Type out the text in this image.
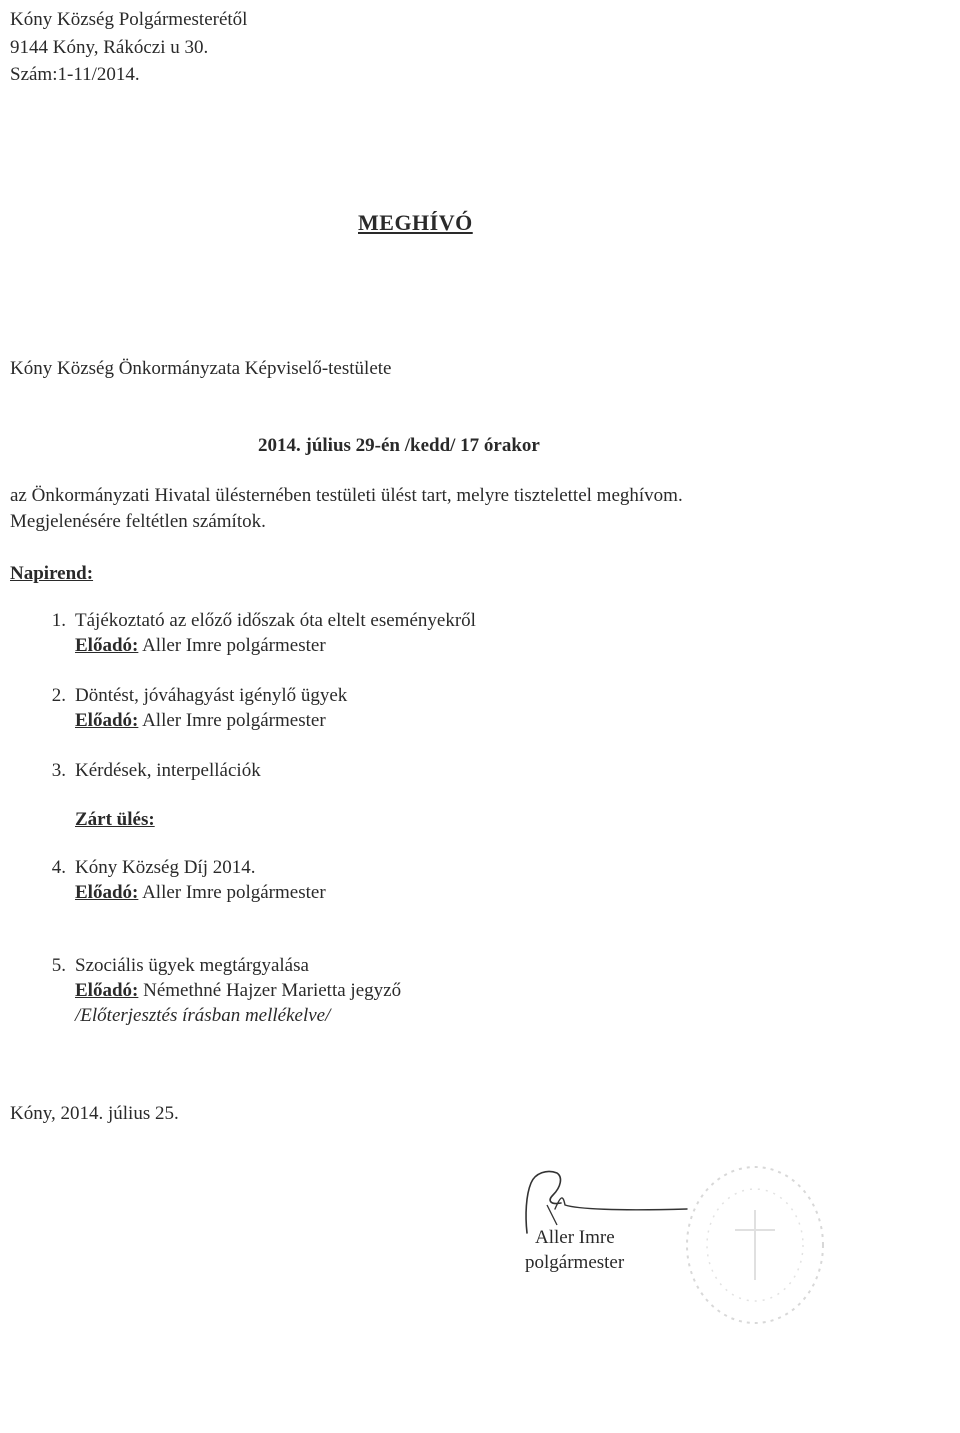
Kóny Község Polgármesterétől
9144 Kóny, Rákóczi u 30.
Szám:1-11/2014.
MEGHÍVÓ
Kóny Község Önkormányzata Képviselő-testülete
2014. július 29-én /kedd/ 17 órakor
az Önkormányzati Hivatal ülésternében testületi ülést tart, melyre tisztelettel meghívom.
Megjelenésére feltétlen számítok.
Napirend:
1. Tájékoztató az előző időszak óta eltelt eseményekről
Előadó: Aller Imre polgármester
2. Döntést, jóváhagyást igénylő ügyek
Előadó: Aller Imre polgármester
3. Kérdések, interpellációk
Zárt ülés:
4. Kóny Község Díj 2014.
Előadó: Aller Imre polgármester
5. Szociális ügyek megtárgyalása
Előadó: Némethné Hajzer Marietta jegyző
/Előterjesztés írásban mellékelve/
Kóny, 2014. július 25.
Aller Imre
polgármester
